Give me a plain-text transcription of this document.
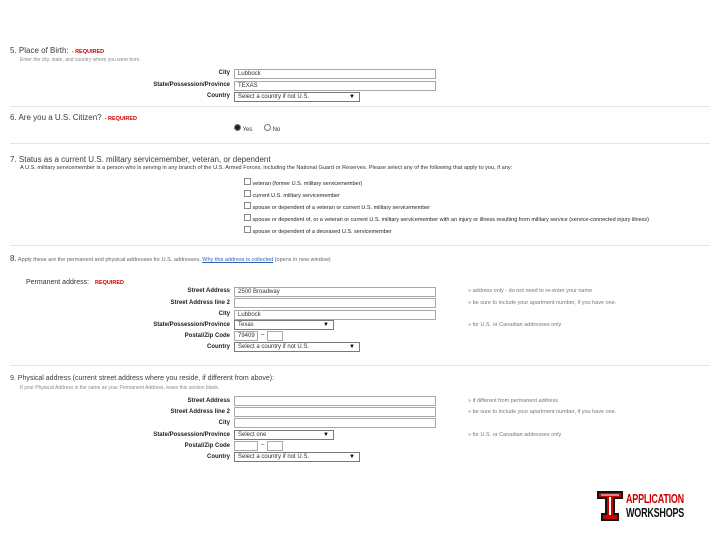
5. Place of Birth: - REQUIRED
Enter the city, state, and country where you were born.
City	Lubbock
State/Possession/Province	TEXAS
Country	Select a country if not U.S.	▼
6. Are you a U.S. Citizen? - REQUIRED
Yes	No
7. Status as a current U.S. military servicemember, veteran, or dependent
A U.S. military servicemember is a person who is serving in any branch of the U.S. Armed Forces, including the National Guard or Reserves. Please select any of the following that apply to you, if any:
veteran (former U.S. military servicemember)
current U.S. military servicemember
spouse or dependent of a veteran or current U.S. military servicemember
spouse or dependent of, or a veteran or current U.S. military servicemember with an injury or illness resulting from military service (service-connected injury illness)
spouse or dependent of a deceased U.S. servicemember
8. Apply these are the permanent and physical addresses for U.S. addresses. Why this address is collected (opens in new window)
Permanent address: REQUIRED
Street Address	2500 Broadway	» address only - do not need to re-enter your name
Street Address line 2	» be sure to include your apartment number, if you have one.
City	Lubbock
State/Possession/Province	Texas	▼	» for U.S. or Canadian addresses only
Postal/Zip Code	79409	–
Country	Select a country if not U.S.	▼
9. Physical address (current street address where you reside, if different from above):
If your Physical Address is the same as your Permanent Address, leave this section blank.
Street Address	» if different from permanent address
Street Address line 2	» be sure to include your apartment number, if you have one.
City
State/Possession/Province	Select one	▼	» for U.S. or Canadian addresses only
Postal/Zip Code	–
Country	Select a country if not U.S.	▼
APPLICATION
WORKSHOPS
